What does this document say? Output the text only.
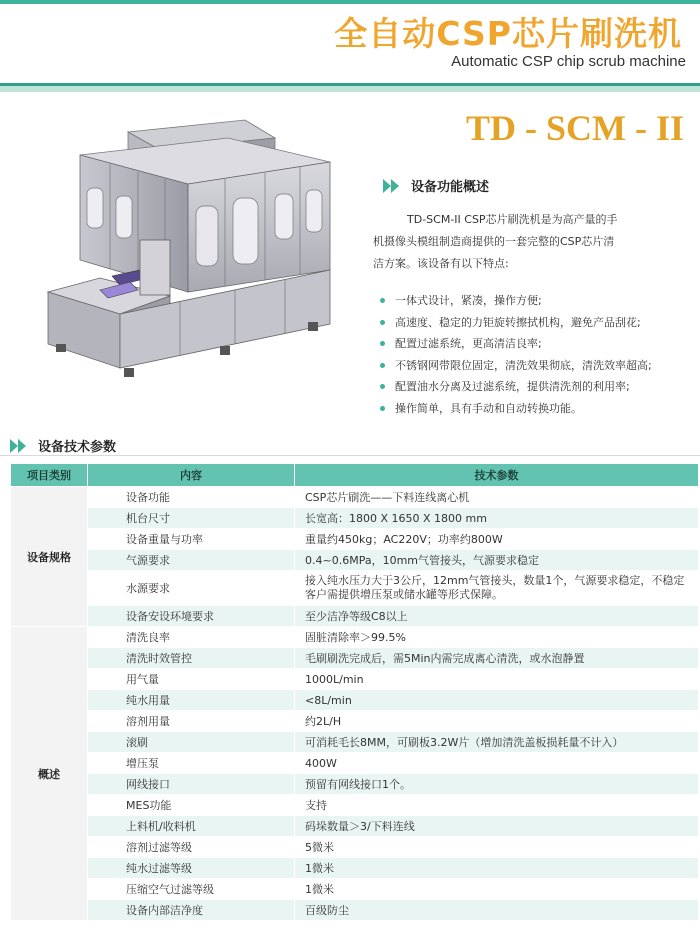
全自动CSP芯片刷洗机
Automatic CSP chip scrub machine
TD - SCM - II
设备功能概述
TD-SCM-II CSP芯片刷洗机是为高产量的手
机摄像头模组制造商提供的一套完整的CSP芯片清
洁方案。该设备有以下特点:
一体式设计，紧凑，操作方便;
高速度、稳定的力钜旋转擦拭机构，避免产品刮花;
配置过滤系统，更高清洁良率;
不锈钢网带限位固定，清洗效果彻底，清洗效率超高;
配置油水分离及过滤系统，提供清洗剂的利用率;
操作简单，具有手动和自动转换功能。
设备技术参数
项目类别	内容	技术参数
设备规格	设备功能	CSP芯片刷洗——下料连线离心机
	机台尺寸	长宽高：1800 X 1650 X 1800 mm
	设备重量与功率	重量约450kg；AC220V；功率约800W
	气源要求	0.4~0.6MPa，10mm气管接头，气源要求稳定
	水源要求	接入纯水压力大于3公斤，12mm气管接头，数量1个，气源要求稳定，不稳定客户需提供增压泵或储水罐等形式保障。
	设备安设环境要求	至少洁净等级C8以上
概述	清洗良率	固脏清除率＞99.5%
	清洗时效管控	毛刷刷洗完成后，需5Min内需完成离心清洗，或水泡静置
	用气量	1000L/min
	纯水用量	<8L/min
	溶剂用量	约2L/H
	滚刷	可消耗毛长8MM，可刷板3.2W片（增加清洗盖板损耗量不计入）
	增压泵	400W
	网线接口	预留有网线接口1个。
	MES功能	支持
	上料机/收料机	码垛数量＞3/下料连线
	溶剂过滤等级	5微米
	纯水过滤等级	1微米
	压缩空气过滤等级	1微米
	设备内部洁净度	百级防尘
